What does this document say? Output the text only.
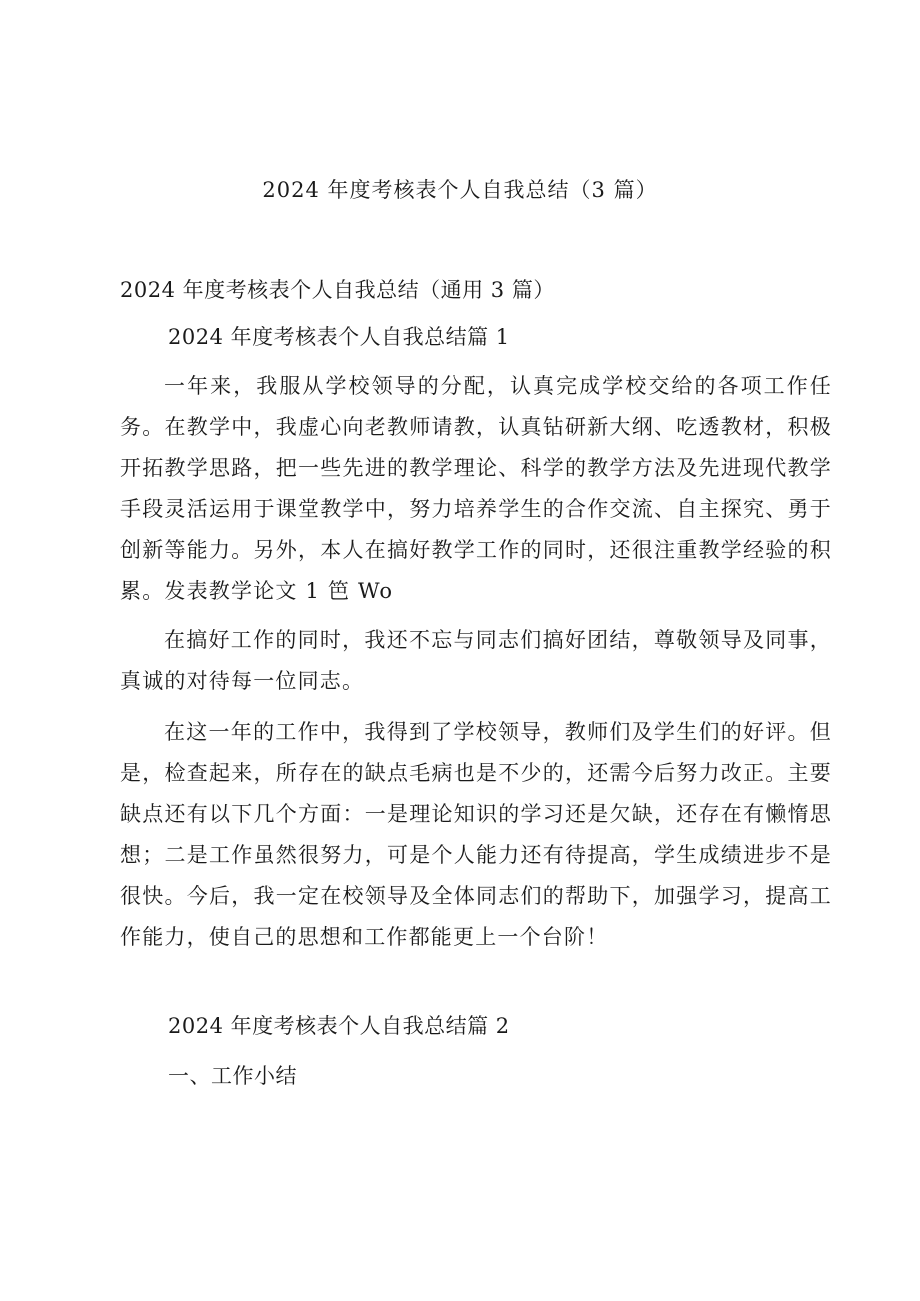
2024 年度考核表个人自我总结（3 篇）
2024 年度考核表个人自我总结（通用 3 篇）
2024 年度考核表个人自我总结篇 1

一年来，我服从学校领导的分配，认真完成学校交给的各项工作任务。在教学中，我虚心向老教师请教，认真钻研新大纲、吃透教材，积极开拓教学思路，把一些先进的教学理论、科学的教学方法及先进现代教学手段灵活运用于课堂教学中，努力培养学生的合作交流、自主探究、勇于创新等能力。另外，本人在搞好教学工作的同时，还很注重教学经验的积累。发表教学论文 1 笆 Wo

在搞好工作的同时，我还不忘与同志们搞好团结，尊敬领导及同事，真诚的对待每一位同志。

在这一年的工作中，我得到了学校领导，教师们及学生们的好评。但是，检查起来，所存在的缺点毛病也是不少的，还需今后努力改正。主要缺点还有以下几个方面：一是理论知识的学习还是欠缺，还存在有懒惰思想；二是工作虽然很努力，可是个人能力还有待提高，学生成绩进步不是很快。今后，我一定在校领导及全体同志们的帮助下，加强学习，提高工作能力，使自己的思想和工作都能更上一个台阶！

2024 年度考核表个人自我总结篇 2
一、工作小结
